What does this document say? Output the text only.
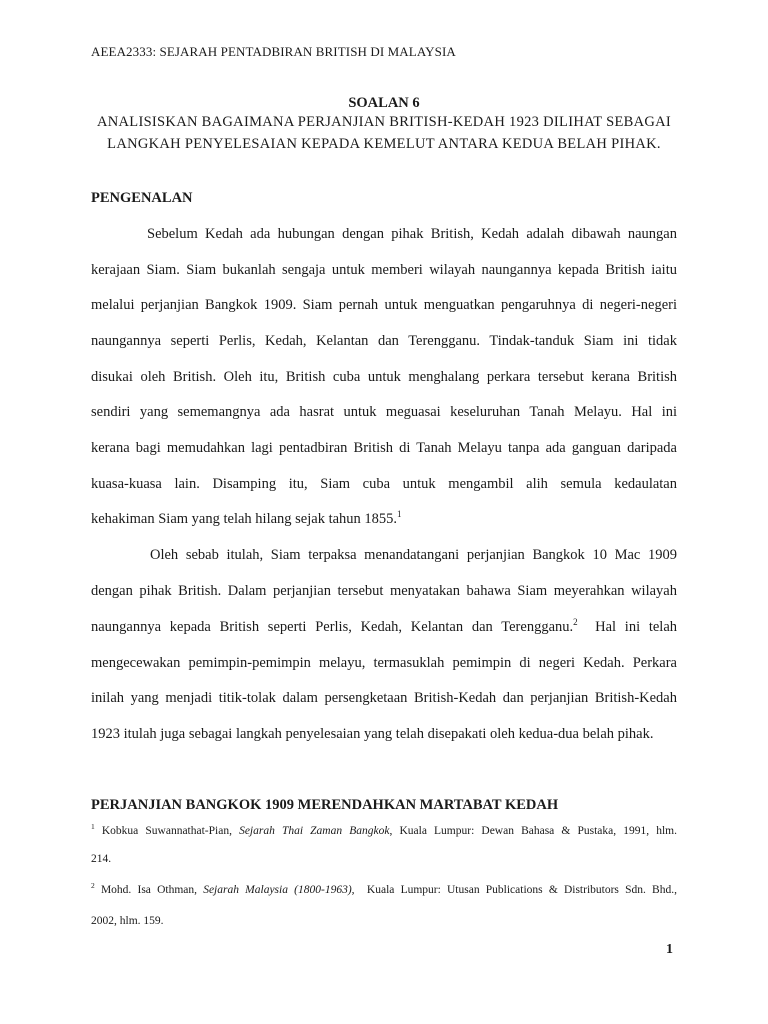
AEEA2333: SEJARAH PENTADBIRAN BRITISH DI MALAYSIA
SOALAN 6
ANALISISKAN BAGAIMANA PERJANJIAN BRITISH-KEDAH 1923 DILIHAT SEBAGAI
LANGKAH PENYELESAIAN KEPADA KEMELUT ANTARA KEDUA BELAH PIHAK.
PENGENALAN
Sebelum Kedah ada hubungan dengan pihak British, Kedah adalah dibawah naungan
kerajaan Siam. Siam bukanlah sengaja untuk memberi wilayah naungannya kepada British iaitu
melalui perjanjian Bangkok 1909. Siam pernah untuk menguatkan pengaruhnya di negeri-negeri
naungannya seperti Perlis, Kedah, Kelantan dan Terengganu. Tindak-tanduk Siam ini tidak
disukai oleh British. Oleh itu, British cuba untuk menghalang perkara tersebut kerana British
sendiri yang sememangnya ada hasrat untuk meguasai keseluruhan Tanah Melayu. Hal ini
kerana bagi memudahkan lagi pentadbiran British di Tanah Melayu tanpa ada ganguan daripada
kuasa-kuasa lain. Disamping itu, Siam cuba untuk mengambil alih semula kedaulatan
kehakiman Siam yang telah hilang sejak tahun 1855.$^1$
Oleh sebab itulah, Siam terpaksa menandatangani perjanjian Bangkok 10 Mac 1909
dengan pihak British. Dalam perjanjian tersebut menyatakan bahawa Siam meyerahkan wilayah
naungannya kepada British seperti Perlis, Kedah, Kelantan dan Terengganu.$^2$  Hal ini telah
mengecewakan pemimpin-pemimpin melayu, termasuklah pemimpin di negeri Kedah. Perkara
inilah yang menjadi titik-tolak dalam persengketaan British-Kedah dan perjanjian British-Kedah
1923 itulah juga sebagai langkah penyelesaian yang telah disepakati oleh kedua-dua belah pihak.
PERJANJIAN BANGKOK 1909 MERENDAHKAN MARTABAT KEDAH
$^1$ Kobkua Suwannathat-Pian, Sejarah Thai Zaman Bangkok, Kuala Lumpur: Dewan Bahasa & Pustaka, 1991, hlm.
214.
$^2$ Mohd. Isa Othman, Sejarah Malaysia (1800-1963),  Kuala Lumpur: Utusan Publications & Distributors Sdn. Bhd.,
2002, hlm. 159.
1
